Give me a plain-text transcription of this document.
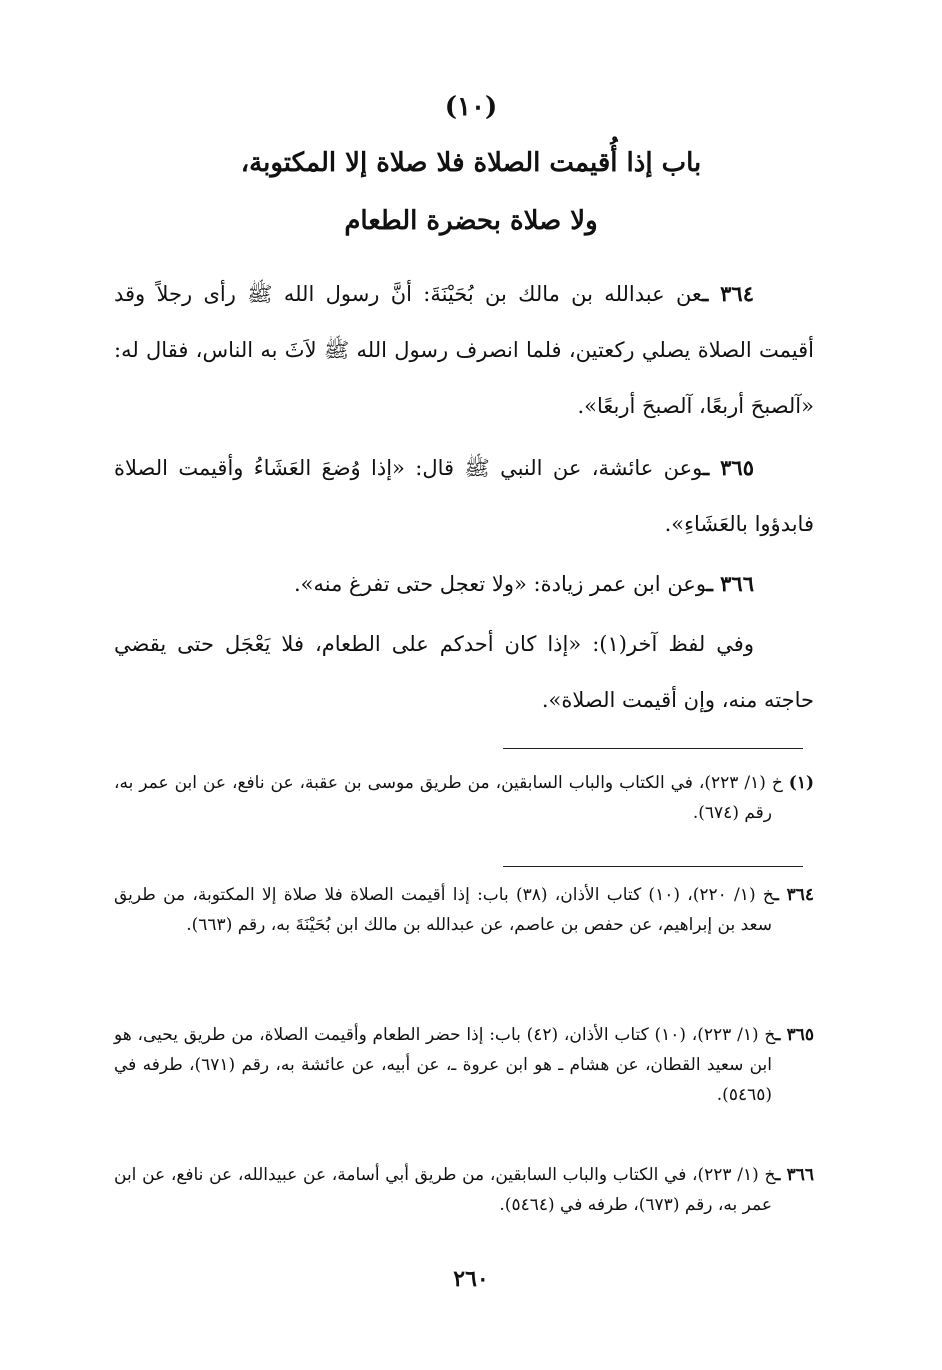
(١٠)
باب إذا أُقيمت الصلاة فلا صلاة إلا المكتوبة،
ولا صلاة بحضرة الطعام
٣٦٤ ـعن عبدالله بن مالك بن بُحَيْنَةَ: أنَّ رسول الله ﷺ رأى رجلاً وقد أقيمت الصلاة يصلي ركعتين، فلما انصرف رسول الله ﷺ لاَثَ به الناس، فقال له: «آلصبحَ أربعًا، آلصبحَ أربعًا».
٣٦٥ ـوعن عائشة، عن النبي ﷺ قال: «إذا وُضعَ العَشَاءُ وأقيمت الصلاة فابدؤوا بالعَشَاءِ».
٣٦٦ ـوعن ابن عمر زيادة: «ولا تعجل حتى تفرغ منه».
وفي لفظ آخر(١): «إذا كان أحدكم على الطعام، فلا يَعْجَل حتى يقضي حاجته منه، وإن أقيمت الصلاة».
(١) خ (١/ ٢٢٣)، في الكتاب والباب السابقين، من طريق موسى بن عقبة، عن نافع، عن ابن عمر به، رقم (٦٧٤).
٣٦٤ ـخ (١/ ٢٢٠)، (١٠) كتاب الأذان، (٣٨) باب: إذا أقيمت الصلاة فلا صلاة إلا المكتوبة، من طريق سعد بن إبراهيم، عن حفص بن عاصم، عن عبدالله بن مالك ابن بُحَيْنَةَ به، رقم (٦٦٣).
٣٦٥ ـخ (١/ ٢٢٣)، (١٠) كتاب الأذان، (٤٢) باب: إذا حضر الطعام وأقيمت الصلاة، من طريق يحيى، هو ابن سعيد القطان، عن هشام ـ هو ابن عروة ـ، عن أبيه، عن عائشة به، رقم (٦٧١)، طرفه في (٥٤٦٥).
٣٦٦ ـخ (١/ ٢٢٣)، في الكتاب والباب السابقين، من طريق أبي أسامة، عن عبيدالله، عن نافع، عن ابن عمر به، رقم (٦٧٣)، طرفه في (٥٤٦٤).
٢٦٠
